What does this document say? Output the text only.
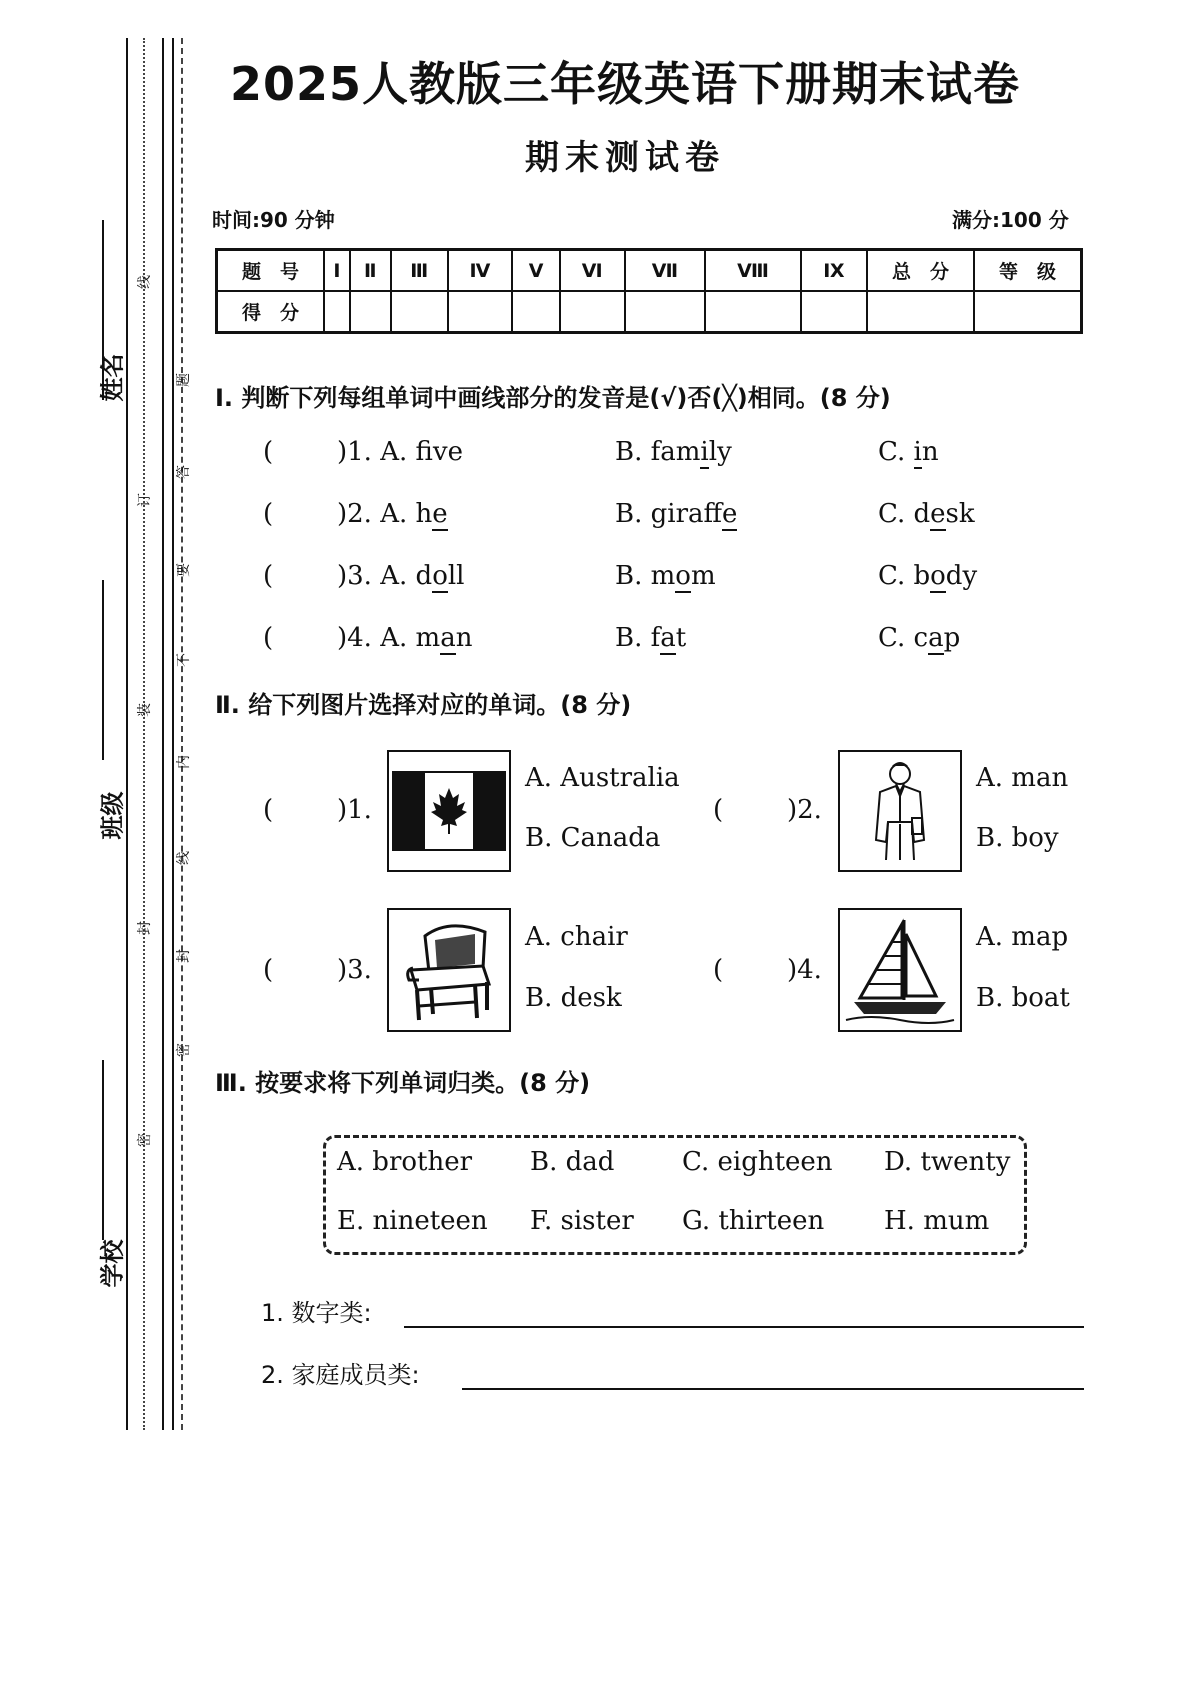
姓名
班级
学校
线
订
装
封
密
题
答
要
不
内
线
封
密
2025人教版三年级英语下册期末试卷
期末测试卷
时间:90 分钟	满分:100 分
题　号	Ⅰ	Ⅱ	Ⅲ	Ⅳ	Ⅴ	Ⅵ	Ⅶ	Ⅷ	Ⅸ	总　分	等　级
得　分											
Ⅰ. 判断下列每组单词中画线部分的发音是(√)否(╳)相同。(8 分)
( )1. A. fve	B. family	C. in
( )2. A. he	B. giraffe	C. desk
( )3. A. doll	B. mom	C. body
( )4. A. man	B. fat	C. cap
Ⅱ. 给下列图片选择对应的单词。(8 分)
( )1.
A. Australia
B. Canada
( )2.
A. man
B. boy
( )3.
A. chair
B. desk
( )4.
A. map
B. boat
Ⅲ. 按要求将下列单词归类。(8 分)
A. brother B. dad	C. eighteen D. twenty
E. nineteen F. sister G. thirteen H. mum
1. 数字类:
2. 家庭成员类:
